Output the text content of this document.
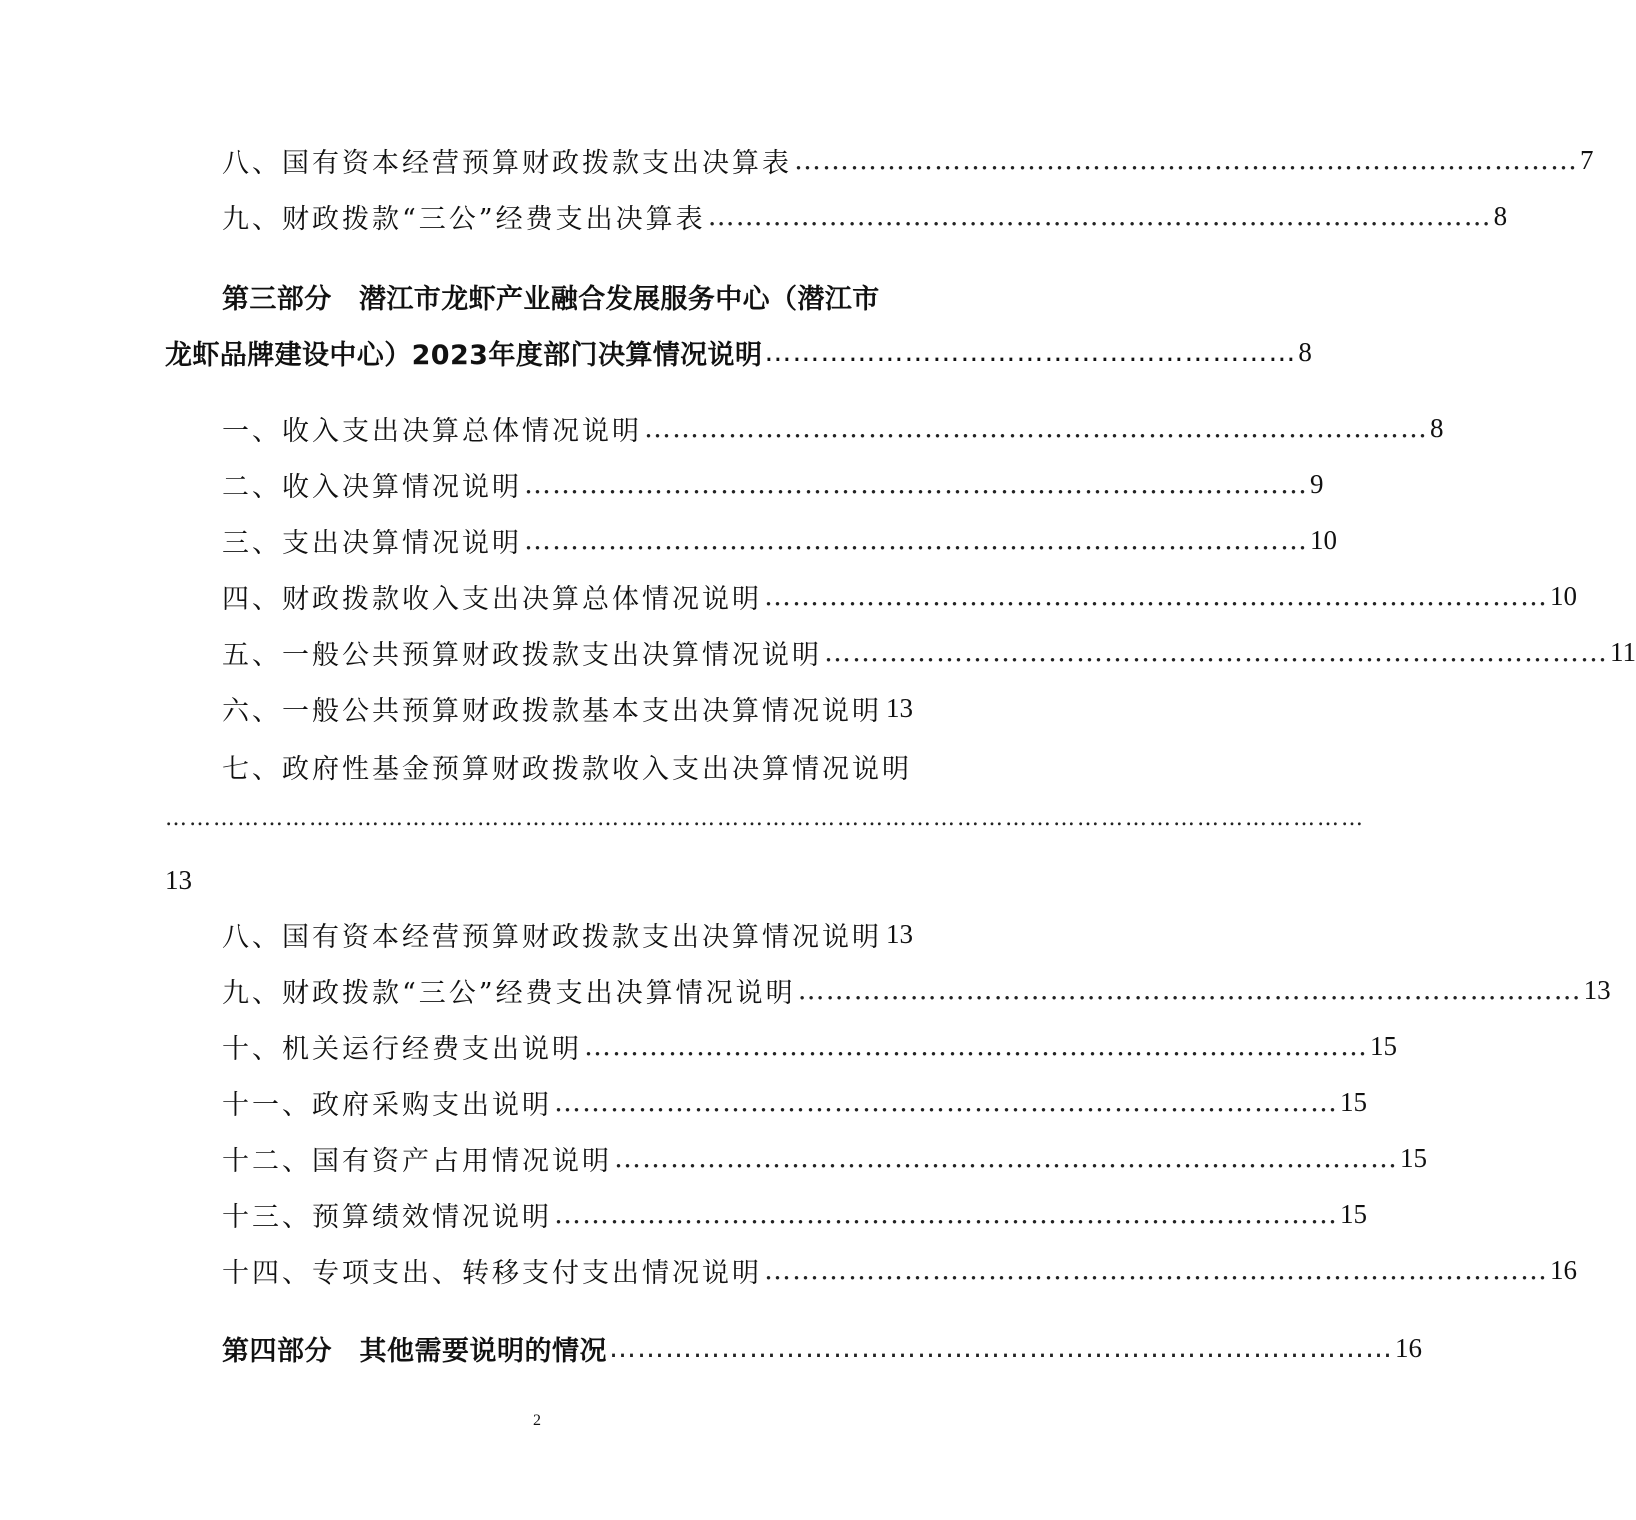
八、国有资本经营预算财政拨款支出决算表 ………………………………………………………………………… 7
九、财政拨款“三公”经费支出决算表 ………………………………………………………………………… 8
第三部分　潜江市龙虾产业融合发展服务中心（潜江市
龙虾品牌建设中心）2023年度部门决算情况说明 ………………………………………………… 8
一、收入支出决算总体情况说明 ………………………………………………………………………… 8
二、收入决算情况说明 ………………………………………………………………………… 9
三、支出决算情况说明 ………………………………………………………………………… 10
四、财政拨款收入支出决算总体情况说明 ………………………………………………………………………… 10
五、一般公共预算财政拨款支出决算情况说明 ………………………………………………………………………… 11
六、一般公共预算财政拨款基本支出决算情况说明 13
七、政府性基金预算财政拨款收入支出决算情况说明
……………………………………………………………………………………………………………………………………
13
八、国有资本经营预算财政拨款支出决算情况说明 13
九、财政拨款“三公”经费支出决算情况说明 ………………………………………………………………………… 13
十、机关运行经费支出说明 ………………………………………………………………………… 15
十一、政府采购支出说明 ………………………………………………………………………… 15
十二、国有资产占用情况说明 ………………………………………………………………………… 15
十三、预算绩效情况说明 ………………………………………………………………………… 15
十四、专项支出、转移支付支出情况说明 ………………………………………………………………………… 16
第四部分　其他需要说明的情况 ………………………………………………………………………… 16
2
